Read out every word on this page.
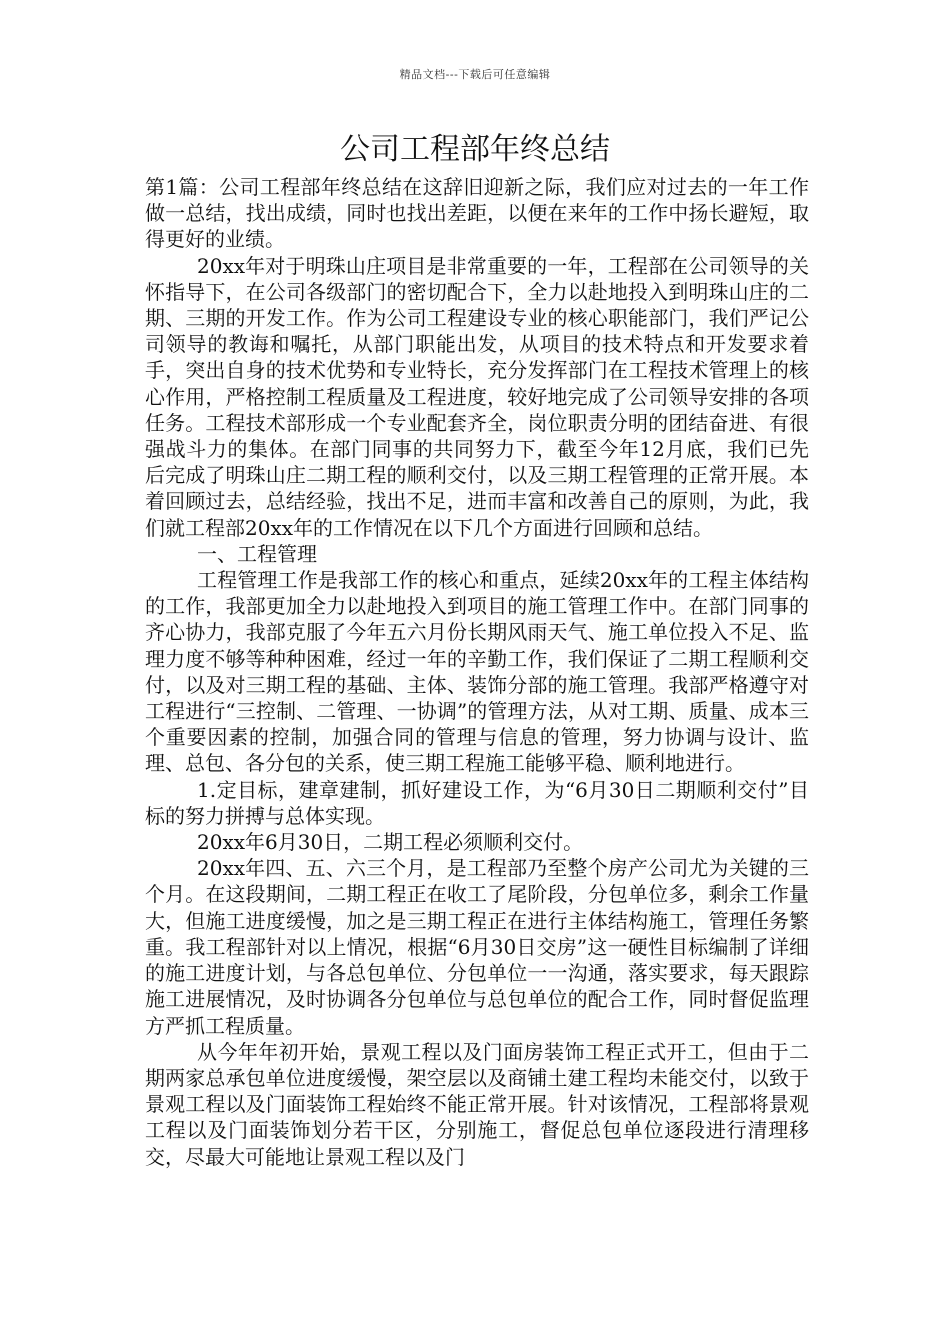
精品文档---下载后可任意编辑
公司工程部年终总结

第1篇：公司工程部年终总结在这辞旧迎新之际，我们应对过去的一年工作做一总结，找出成绩，同时也找出差距，以便在来年的工作中扬长避短，取得更好的业绩。

20xx年对于明珠山庄项目是非常重要的一年，工程部在公司领导的关怀指导下，在公司各级部门的密切配合下，全力以赴地投入到明珠山庄的二期、三期的开发工作。作为公司工程建设专业的核心职能部门，我们严记公司领导的教诲和嘱托，从部门职能出发，从项目的技术特点和开发要求着手，突出自身的技术优势和专业特长，充分发挥部门在工程技术管理上的核心作用，严格控制工程质量及工程进度，较好地完成了公司领导安排的各项任务。工程技术部形成一个专业配套齐全，岗位职责分明的团结奋进、有很强战斗力的集体。在部门同事的共同努力下，截至今年12月底，我们已先后完成了明珠山庄二期工程的顺利交付，以及三期工程管理的正常开展。本着回顾过去，总结经验，找出不足，进而丰富和改善自己的原则，为此，我们就工程部20xx年的工作情况在以下几个方面进行回顾和总结。

一、工程管理

工程管理工作是我部工作的核心和重点，延续20xx年的工程主体结构的工作，我部更加全力以赴地投入到项目的施工管理工作中。在部门同事的齐心协力，我部克服了今年五六月份长期风雨天气、施工单位投入不足、监理力度不够等种种困难，经过一年的辛勤工作，我们保证了二期工程顺利交付，以及对三期工程的基础、主体、装饰分部的施工管理。我部严格遵守对工程进行“三控制、二管理、一协调”的管理方法，从对工期、质量、成本三个重要因素的控制，加强合同的管理与信息的管理，努力协调与设计、监理、总包、各分包的关系，使三期工程施工能够平稳、顺利地进行。

1.定目标，建章建制，抓好建设工作，为“6月30日二期顺利交付”目标的努力拼搏与总体实现。

20xx年6月30日，二期工程必须顺利交付。

20xx年四、五、六三个月，是工程部乃至整个房产公司尤为关键的三个月。在这段期间，二期工程正在收工了尾阶段，分包单位多，剩余工作量大，但施工进度缓慢，加之是三期工程正在进行主体结构施工，管理任务繁重。我工程部针对以上情况，根据“6月30日交房”这一硬性目标编制了详细的施工进度计划，与各总包单位、分包单位一一沟通，落实要求，每天跟踪施工进展情况，及时协调各分包单位与总包单位的配合工作，同时督促监理方严抓工程质量。

从今年年初开始，景观工程以及门面房装饰工程正式开工，但由于二期两家总承包单位进度缓慢，架空层以及商铺土建工程均未能交付，以致于景观工程以及门面装饰工程始终不能正常开展。针对该情况，工程部将景观工程以及门面装饰划分若干区，分别施工，督促总包单位逐段进行清理移交，尽最大可能地让景观工程以及门
